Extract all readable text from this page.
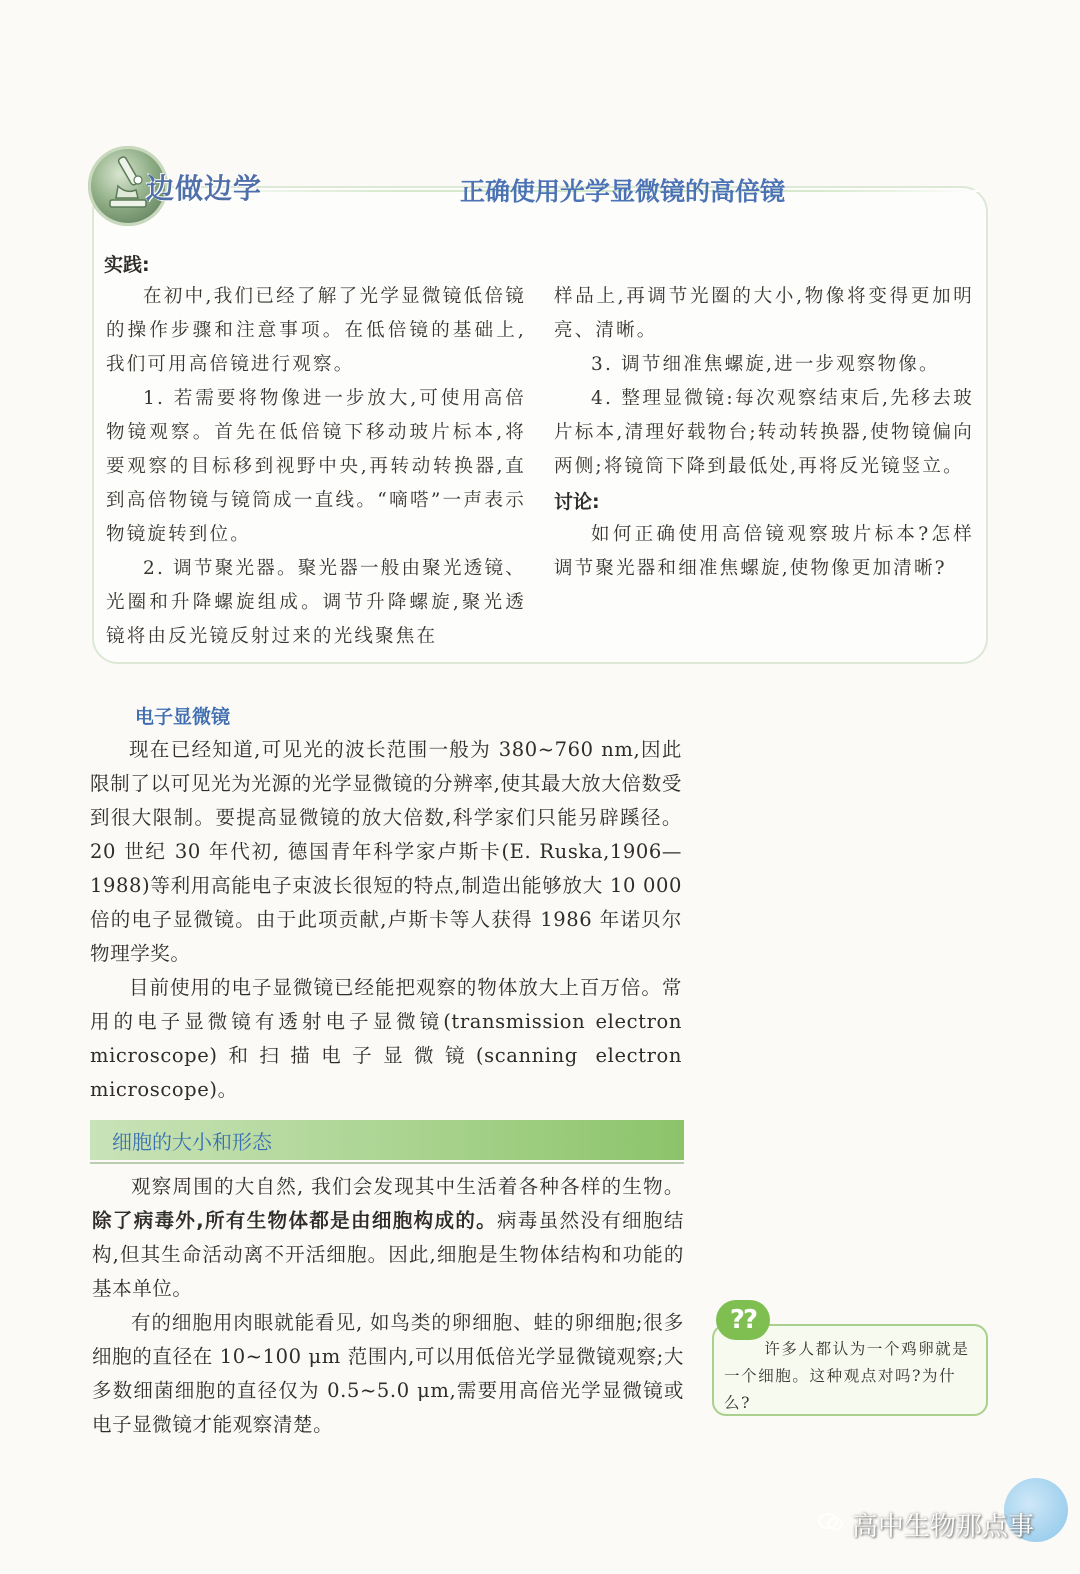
边做边学	正确使用光学显微镜的高倍镜
实践:

在初中,我们已经了解了光学显微镜低倍镜的操作步骤和注意事项。在低倍镜的基础上,我们可用高倍镜进行观察。

1. 若需要将物像进一步放大,可使用高倍物镜观察。首先在低倍镜下移动玻片标本,将要观察的目标移到视野中央,再转动转换器,直到高倍物镜与镜筒成一直线。“嘀嗒”一声表示物镜旋转到位。

2. 调节聚光器。聚光器一般由聚光透镜、光圈和升降螺旋组成。调节升降螺旋,聚光透镜将由反光镜反射过来的光线聚焦在

样品上,再调节光圈的大小,物像将变得更加明亮、清晰。

3. 调节细准焦螺旋,进一步观察物像。

4. 整理显微镜:每次观察结束后,先移去玻片标本,清理好载物台;转动转换器,使物镜偏向两侧;将镜筒下降到最低处,再将反光镜竖立。

讨论:

如何正确使用高倍镜观察玻片标本?怎样调节聚光器和细准焦螺旋,使物像更加清晰?

电子显微镜

现在已经知道,可见光的波长范围一般为 380~760 nm,因此限制了以可见光为光源的光学显微镜的分辨率,使其最大放大倍数受到很大限制。要提高显微镜的放大倍数,科学家们只能另辟蹊径。20 世纪 30 年代初, 德国青年科学家卢斯卡(E. Ruska,1906—1988)等利用高能电子束波长很短的特点,制造出能够放大 10 000 倍的电子显微镜。由于此项贡献,卢斯卡等人获得 1986 年诺贝尔物理学奖。

目前使用的电子显微镜已经能把观察的物体放大上百万倍。常用的电子显微镜有透射电子显微镜(transmission electron microscope)和扫描电子显微镜(scanning electron microscope)。

细胞的大小和形态

观察周围的大自然, 我们会发现其中生活着各种各样的生物。除了病毒外,所有生物体都是由细胞构成的。病毒虽然没有细胞结构,但其生命活动离不开活细胞。因此,细胞是生物体结构和功能的基本单位。

有的细胞用肉眼就能看见, 如鸟类的卵细胞、蛙的卵细胞;很多细胞的直径在 10~100 μm 范围内,可以用低倍光学显微镜观察;大多数细菌细胞的直径仅为 0.5~5.0 μm,需要用高倍光学显微镜或电子显微镜才能观察清楚。

??

许多人都认为一个鸡卵就是一个细胞。这种观点对吗?为什么?

高中生物那点事
